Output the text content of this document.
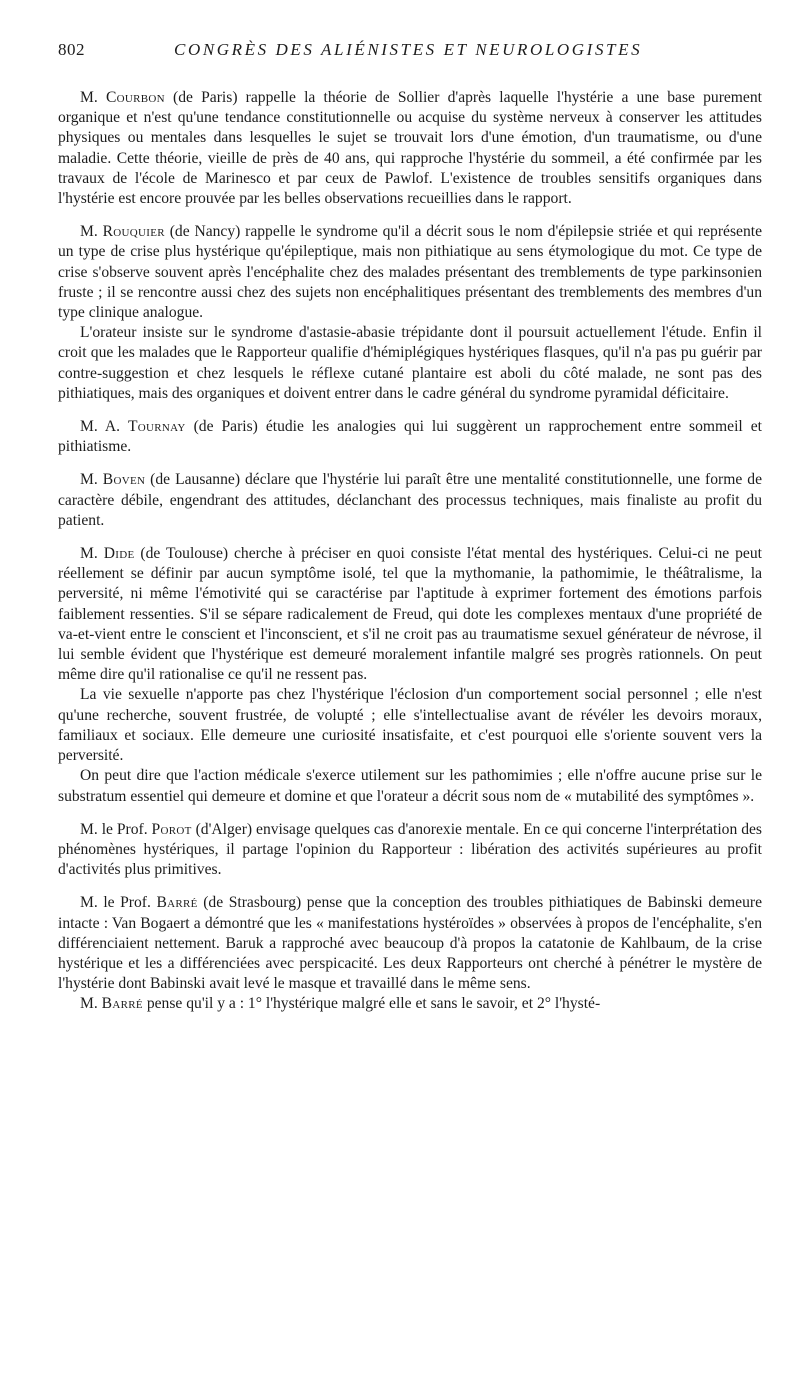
802	CONGRÈS DES ALIÉNISTES ET NEUROLOGISTES

M. Courbon (de Paris) rappelle la théorie de Sollier d'après laquelle l'hystérie a une base purement organique et n'est qu'une tendance constitutionnelle ou acquise du système nerveux à conserver les attitudes physiques ou mentales dans lesquelles le sujet se trouvait lors d'une émotion, d'un traumatisme, ou d'une maladie. Cette théorie, vieille de près de 40 ans, qui rapproche l'hystérie du sommeil, a été confirmée par les travaux de l'école de Marinesco et par ceux de Pawlof. L'existence de troubles sensitifs organiques dans l'hystérie est encore prouvée par les belles observations recueillies dans le rapport.

M. Rouquier (de Nancy) rappelle le syndrome qu'il a décrit sous le nom d'épilepsie striée et qui représente un type de crise plus hystérique qu'épileptique, mais non pithiatique au sens étymologique du mot. Ce type de crise s'observe souvent après l'encéphalite chez des malades présentant des tremblements de type parkinsonien fruste ; il se rencontre aussi chez des sujets non encéphalitiques présentant des tremblements des membres d'un type clinique analogue.

L'orateur insiste sur le syndrome d'astasie-abasie trépidante dont il poursuit actuellement l'étude. Enfin il croit que les malades que le Rapporteur qualifie d'hémiplégiques hystériques flasques, qu'il n'a pas pu guérir par contre-suggestion et chez lesquels le réflexe cutané plantaire est aboli du côté malade, ne sont pas des pithiatiques, mais des organiques et doivent entrer dans le cadre général du syndrome pyramidal déficitaire.

M. A. Tournay (de Paris) étudie les analogies qui lui suggèrent un rapprochement entre sommeil et pithiatisme.

M. Boven (de Lausanne) déclare que l'hystérie lui paraît être une mentalité constitutionnelle, une forme de caractère débile, engendrant des attitudes, déclanchant des processus techniques, mais finaliste au profit du patient.

M. Dide (de Toulouse) cherche à préciser en quoi consiste l'état mental des hystériques. Celui-ci ne peut réellement se définir par aucun symptôme isolé, tel que la mythomanie, la pathomimie, le théâtralisme, la perversité, ni même l'émotivité qui se caractérise par l'aptitude à exprimer fortement des émotions parfois faiblement ressenties. S'il se sépare radicalement de Freud, qui dote les complexes mentaux d'une propriété de va-et-vient entre le conscient et l'inconscient, et s'il ne croit pas au traumatisme sexuel générateur de névrose, il lui semble évident que l'hystérique est demeuré moralement infantile malgré ses progrès rationnels. On peut même dire qu'il rationalise ce qu'il ne ressent pas.

La vie sexuelle n'apporte pas chez l'hystérique l'éclosion d'un comportement social personnel ; elle n'est qu'une recherche, souvent frustrée, de volupté ; elle s'intellectualise avant de révéler les devoirs moraux, familiaux et sociaux. Elle demeure une curiosité insatisfaite, et c'est pourquoi elle s'oriente souvent vers la perversité.

On peut dire que l'action médicale s'exerce utilement sur les pathomimies ; elle n'offre aucune prise sur le substratum essentiel qui demeure et domine et que l'orateur a décrit sous nom de « mutabilité des symptômes ».

M. le Prof. Porot (d'Alger) envisage quelques cas d'anorexie mentale. En ce qui concerne l'interprétation des phénomènes hystériques, il partage l'opinion du Rapporteur : libération des activités supérieures au profit d'activités plus primitives.

M. le Prof. Barré (de Strasbourg) pense que la conception des troubles pithiatiques de Babinski demeure intacte : Van Bogaert a démontré que les « manifestations hystéroïdes » observées à propos de l'encéphalite, s'en différenciaient nettement. Baruk a rapproché avec beaucoup d'à propos la catatonie de Kahlbaum, de la crise hystérique et les a différenciées avec perspicacité. Les deux Rapporteurs ont cherché à pénétrer le mystère de l'hystérie dont Babinski avait levé le masque et travaillé dans le même sens.

M. Barré pense qu'il y a : 1° l'hystérique malgré elle et sans le savoir, et 2° l'hysté-
